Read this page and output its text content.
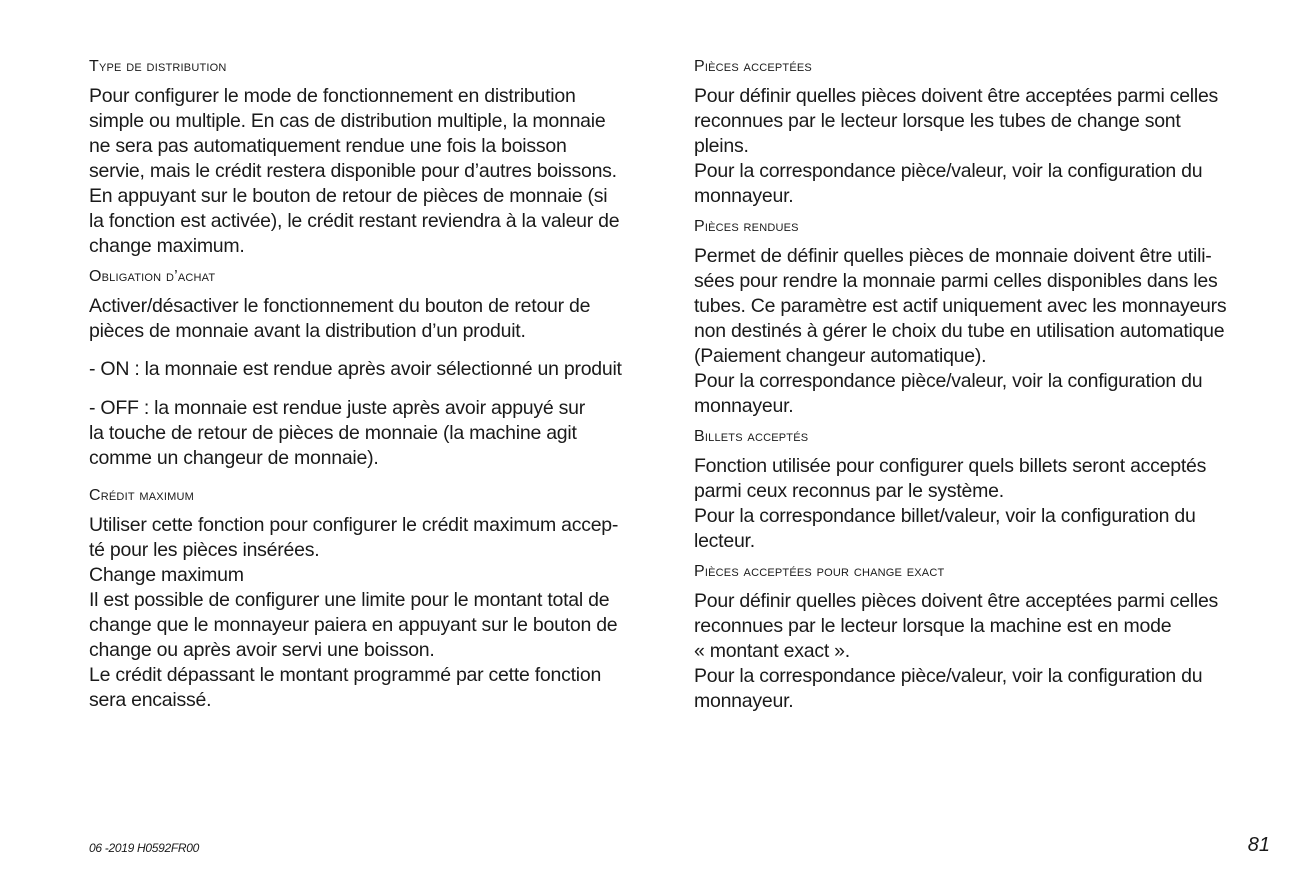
Type de distribution

Pour configurer le mode de fonctionnement en distribution
simple ou multiple. En cas de distribution multiple, la monnaie
ne sera pas automatiquement rendue une fois la boisson
servie, mais le crédit restera disponible pour d’autres boissons.
En appuyant sur le bouton de retour de pièces de monnaie (si
la fonction est activée), le crédit restant reviendra à la valeur de
change maximum.

Obligation d’achat

Activer/désactiver le fonctionnement du bouton de retour de
pièces de monnaie avant la distribution d’un produit.

- ON : la monnaie est rendue après avoir sélectionné un produit

- OFF : la monnaie est rendue juste après avoir appuyé sur
la touche de retour de pièces de monnaie (la machine agit
comme un changeur de monnaie).

Crédit maximum

Utiliser cette fonction pour configurer le crédit maximum accep-
té pour les pièces insérées.
Change maximum
Il est possible de configurer une limite pour le montant total de
change que le monnayeur paiera en appuyant sur le bouton de
change ou après avoir servi une boisson.
Le crédit dépassant le montant programmé par cette fonction
sera encaissé.

Pièces acceptées

Pour définir quelles pièces doivent être acceptées parmi celles
reconnues par le lecteur lorsque les tubes de change sont
pleins.
Pour la correspondance pièce/valeur, voir la configuration du
monnayeur.

Pièces rendues

Permet de définir quelles pièces de monnaie doivent être utili-
sées pour rendre la monnaie parmi celles disponibles dans les
tubes. Ce paramètre est actif uniquement avec les monnayeurs
non destinés à gérer le choix du tube en utilisation automatique
(Paiement changeur automatique).
Pour la correspondance pièce/valeur, voir la configuration du
monnayeur.

Billets acceptés

Fonction utilisée pour configurer quels billets seront acceptés
parmi ceux reconnus par le système.
Pour la correspondance billet/valeur, voir la configuration du
lecteur.

Pièces acceptées pour change exact

Pour définir quelles pièces doivent être acceptées parmi celles
reconnues par le lecteur lorsque la machine est en mode
« montant exact ».
Pour la correspondance pièce/valeur, voir la configuration du
monnayeur.

06 -2019 H0592FR00	81
